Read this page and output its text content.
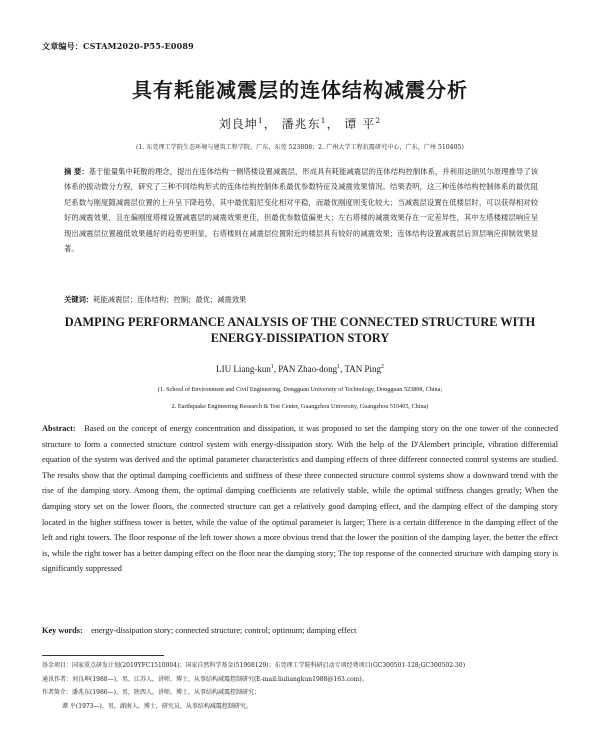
文章编号：CSTAM2020-P55-E0089
具有耗能减震层的连体结构减震分析
刘良坤$^1$， 潘兆东$^1$， 谭 平$^2$
(1. 东莞理工学院生态环境与建筑工程学院，广东，东莞 523808；2. 广州大学工程抗震研究中心，广东，广州 510405)
摘 要：基于能量集中耗散的理念，提出在连体结构一侧塔楼设置减震层，形成具有耗能减震层的连体结构控制体系，并利用达朗贝尔原理推导了该体系的振动微分方程，研究了三种不同结构形式的连体结构控制体系最优参数特征及减震效果情况。结果表明，这三种连体结构控制体系的最优阻尼系数与刚度随减震层位置的上升呈下降趋势，其中最优阻尼变化相对平稳，而最优刚度则变化较大；当减震层设置在低楼层时，可以获得相对较好的减震效果，且在偏刚度塔楼设置减震层的减震效果更佳，但最优参数值偏更大；左右塔楼的减震效果存在一定差异性，其中左塔楼楼层响应呈现出减震层位置越低效果越好的趋势更明显，右塔楼则在减震层位置附近的楼层具有较好的减震效果；连体结构设置减震层后顶层响应抑制效果显著。
关键词：耗能减震层；连体结构；控制；最优；减震效果
DAMPING PERFORMANCE ANALYSIS OF THE CONNECTED STRUCTURE WITH ENERGY-DISSIPATION STORY
LIU Liang-kun$^1$, PAN Zhao-dong$^1$, TAN Ping$^2$
(1. School of Environment and Civil Engineering, Dongguan University of Technology, Dongguan 523808, China;
2. Earthquake Engineering Research & Test Center, Guangzhou University, Guangzhou 510405, China)
Abstract: Based on the concept of energy concentration and dissipation, it was proposed to set the damping story on the one tower of the connected structure to form a connected structure control system with energy-dissipation story. With the help of the D'Alembert principle, vibration differential equation of the system was derived and the optimal parameter characteristics and damping effects of three different connected control systems are studied. The results show that the optimal damping coefficients and stiffness of these three connected structure control systems show a downward trend with the rise of the damping story. Among them, the optimal damping coefficients are relatively stable, while the optimal stiffness changes greatly; When the damping story set on the lower floors, the connected structure can get a relatively good damping effect, and the damping effect of the damping story located in the higher stiffness tower is better, while the value of the optimal parameter is larger; There is a certain difference in the damping effect of the left and right towers. The floor response of the left tower shows a more obvious trend that the lower the position of the damping layer, the better the effect is, while the right tower has a better damping effect on the floor near the damping story; The top response of the connected structure with damping story is significantly suppressed
Key words: energy-dissipation story; connected structure; control; optimum; damping effect
基金项目：国家重点研发计划(2019YFC1510004)；国家自然科学基金(51908129)；东莞理工学院科研启动专项经费项目(GC300501-128;GC300502-30)
通讯作者：刘良坤(1988—)，男，江苏人，讲师，博士，从事结构减震控制研究(E-mail:liuliangkun1988@163.com)。
作者简介：潘兆东(1986—)，男，陕西人，讲师，博士，从事结构减震控制研究；
谭 平(1973—)，男，湖南人，博士，研究员，从事结构减震控制研究。
